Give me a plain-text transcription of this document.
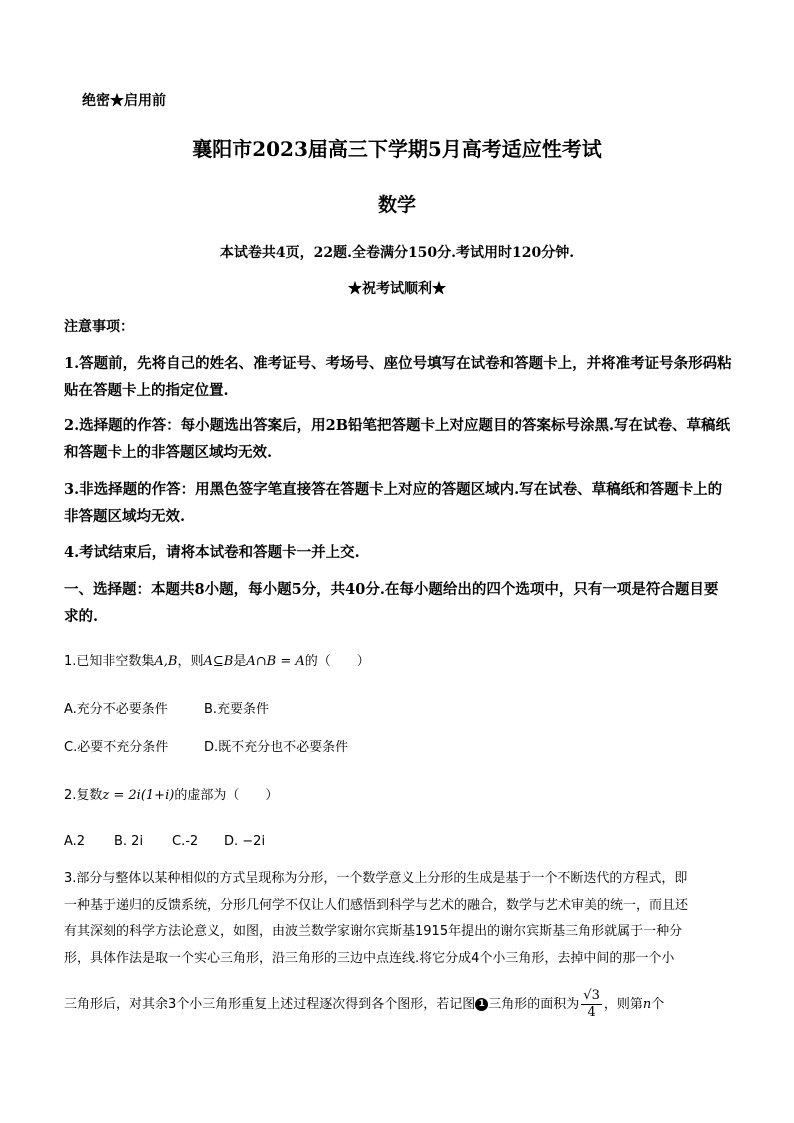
绝密★启用前
襄阳市2023届高三下学期5月高考适应性考试
数学
本试卷共4页，22题.全卷满分150分.考试用时120分钟.
★祝考试顺利★
注意事项：
1.答题前，先将自己的姓名、准考证号、考场号、座位号填写在试卷和答题卡上，并将准考证号条形码粘贴在答题卡上的指定位置.
2.选择题的作答：每小题选出答案后，用2B铅笔把答题卡上对应题目的答案标号涂黑.写在试卷、草稿纸和答题卡上的非答题区域均无效.
3.非选择题的作答：用黑色签字笔直接答在答题卡上对应的答题区域内.写在试卷、草稿纸和答题卡上的非答题区域均无效.
4.考试结束后，请将本试卷和答题卡一并上交.
一、选择题：本题共8小题，每小题5分，共40分.在每小题给出的四个选项中，只有一项是符合题目要求的.
1.已知非空数集A,B，则A⊆B是A∩B = A的（　　）
A.充分不必要条件	B.充要条件
C.必要不充分条件	D.既不充分也不必要条件
2.复数z = 2i(1+i)的虚部为（　　）
A.2 B. 2i C.-2 D. −2i
3.部分与整体以某种相似的方式呈现称为分形，一个数学意义上分形的生成是基于一个不断迭代的方程式，即
一种基于递归的反馈系统，分形几何学不仅让人们感悟到科学与艺术的融合，数学与艺术审美的统一，而且还
有其深刻的科学方法论意义，如图，由波兰数学家谢尔宾斯基1915年提出的谢尔宾斯基三角形就属于一种分
形，具体作法是取一个实心三角形，沿三角形的三边中点连线.将它分成4个小三角形，去掉中间的那一个小
三角形后，对其余3个小三角形重复上述过程逐次得到各个图形，若记图 1 三角形的面积为 $\frac{√3}{4}$ ，则第n个
